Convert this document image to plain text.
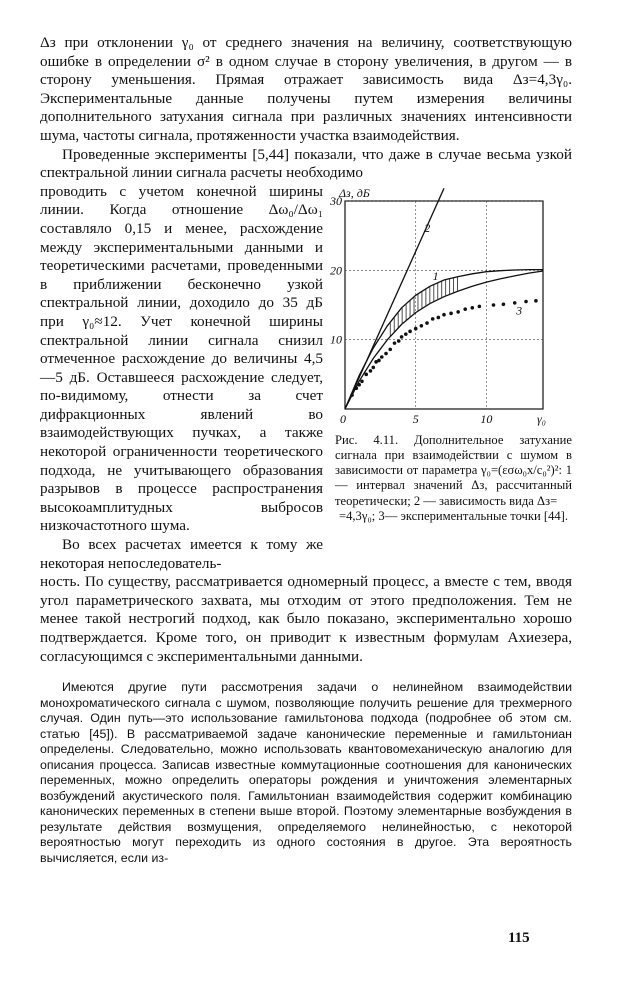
Δз при отклонении γ₀ от среднего значения на величину, соответствующую ошибке в определении σ² в одном случае в сторону увеличения, в другом — в сторону уменьшения. Прямая отражает зависимость вида Δз=4,3γ₀. Экспериментальные данные получены путем измерения величины дополнительного затухания сигнала при различных значениях интенсивности шума, частоты сигнала, протяженности участка взаимодействия.

Проведенные эксперименты [5,44] показали, что даже в случае весьма узкой спектральной линии сигнала расчеты необходимо

проводить с учетом конечной ширины линии. Когда отношение Δω₀/Δω₁ составляло 0,15 и менее, расхождение между экспериментальными данными и теоретическими расчетами, проведенными в приближении бесконечно узкой спектральной линии, доходило до 35 дБ при γ₀≈12. Учет конечной ширины спектральной линии сигнала снизил отмеченное расхождение до величины 4,5—5 дБ. Оставшееся расхождение следует, по-видимому, отнести за счет дифракционных явлений во взаимодействующих пучках, а также некоторой ограниченности теоретического подхода, не учитывающего образования разрывов в процессе распространения высокоамплитудных выбросов низкочастотного шума.

Во всех расчетах имеется к тому же некоторая непоследователь-

10
20
30
0	5	10
Δз, дБ
γ₀
1
2
3
Рис. 4.11. Дополнительное затухание сигнала при взаимодействии с шумом в зависимости от параметра γ₀=(εσω₀x/c₀²)²: 1 — интервал значений Δз, рассчитанный теоретически; 2 — зависимость вида Δз=
=4,3γ₀; 3— экспериментальные точки [44].

ность. По существу, рассматривается одномерный процесс, а вместе с тем, вводя угол параметрического захвата, мы отходим от этого предположения. Тем не менее такой нестрогий подход, как было показано, экспериментально хорошо подтверждается. Кроме того, он приводит к известным формулам Ахиезера, согласующимся с экспериментальными данными.

Имеются другие пути рассмотрения задачи о нелинейном взаимодействии монохроматического сигнала с шумом, позволяющие получить решение для трехмерного случая. Один путь—это использование гамильтонова подхода (подробнее об этом см. статью [45]). В рассматриваемой задаче канонические переменные и гамильтониан определены. Следовательно, можно использовать квантовомеханическую аналогию для описания процесса. Записав известные коммутационные соотношения для канонических переменных, можно определить операторы рождения и уничтожения элементарных возбуждений акустического поля. Гамильтониан взаимодействия содержит комбинацию канонических переменных в степени выше второй. Поэтому элементарные возбуждения в результате действия возмущения, определяемого нелинейностью, с некоторой вероятностью могут переходить из одного состояния в другое. Эта вероятность вычисляется, если из-

115
